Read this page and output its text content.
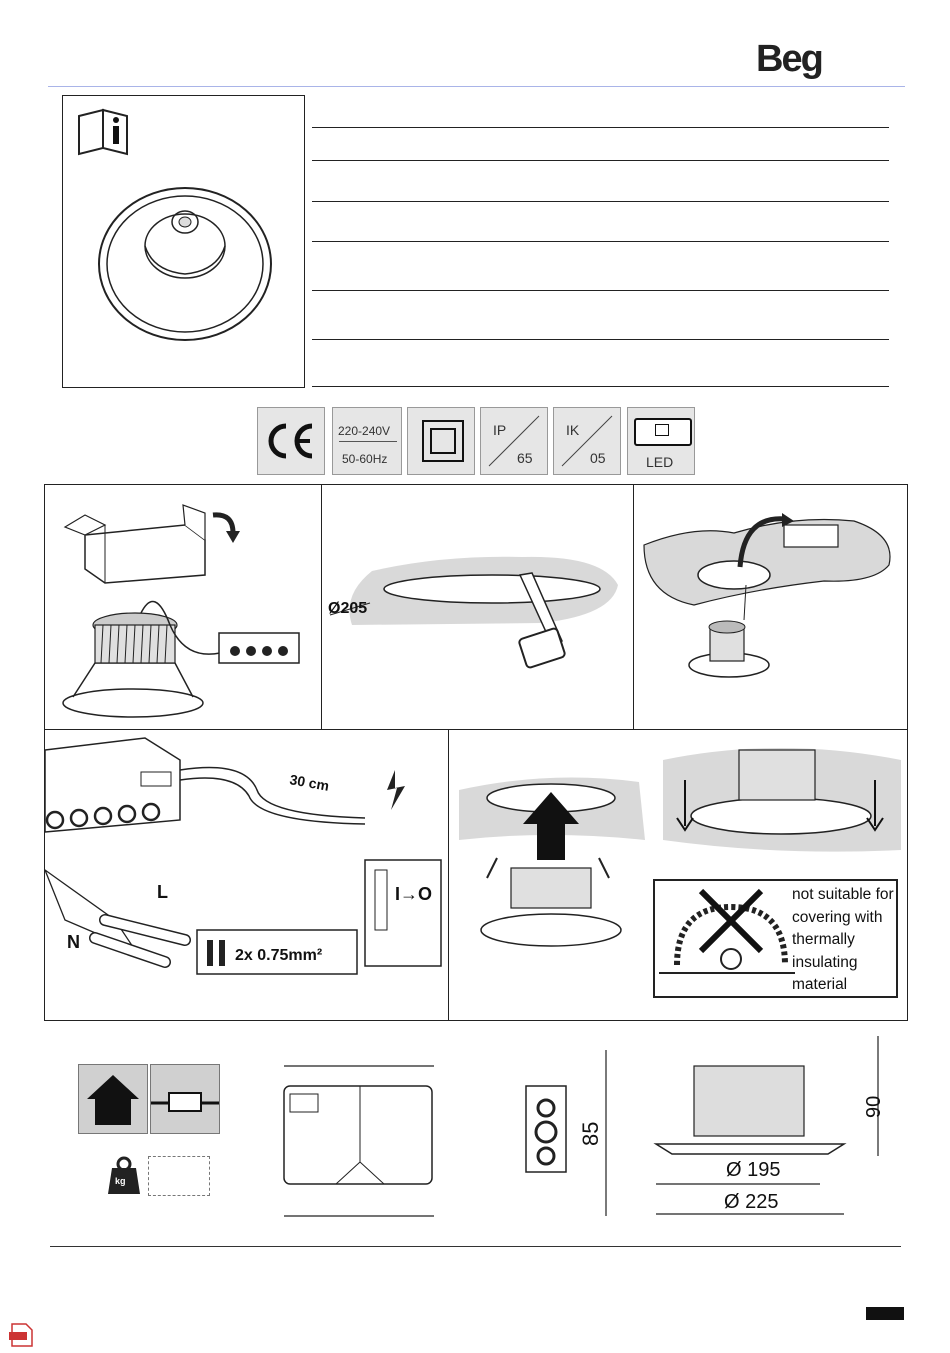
Beg
220-240V
50-60Hz
IP
65
IK
05	LED
Ø205
30 cm
L
N
2x 0.75mm²
I→O	not suitable for covering with thermally insulating material
kg
85
Ø 195
Ø 225
90
